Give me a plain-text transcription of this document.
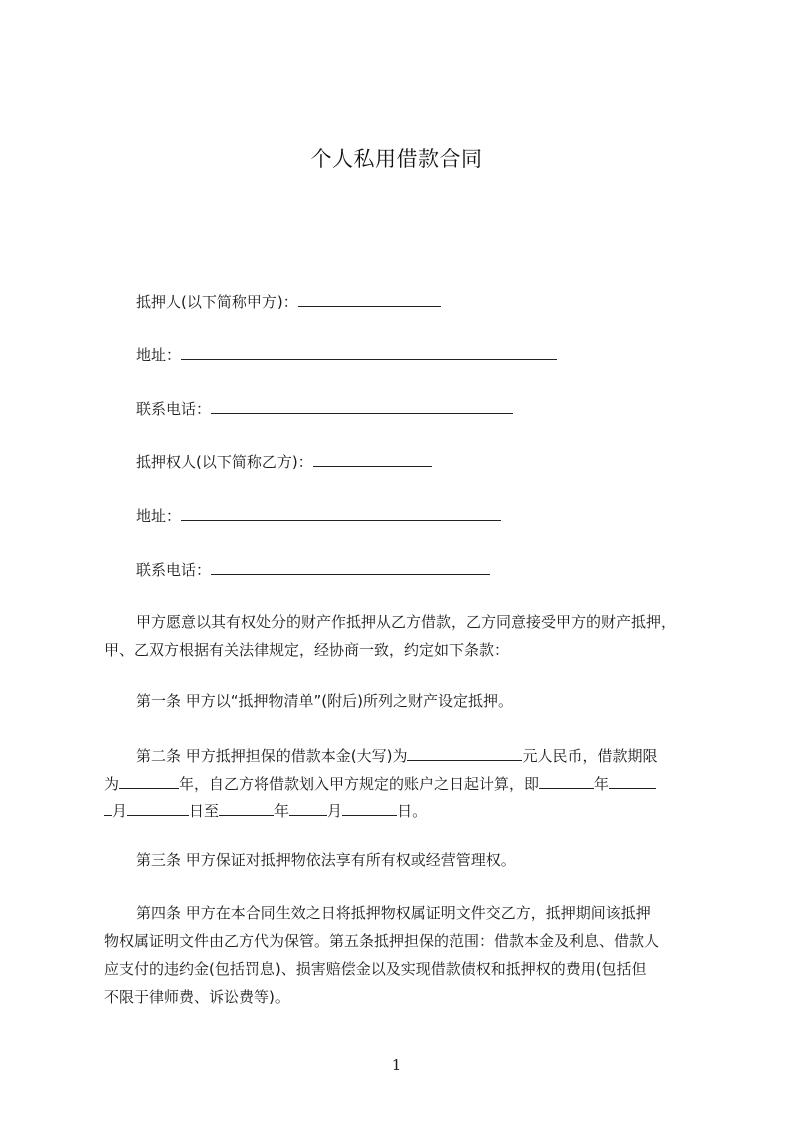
个人私用借款合同
抵押人(以下简称甲方)：
地址：
联系电话：
抵押权人(以下简称乙方)：
地址：
联系电话：
甲方愿意以其有权处分的财产作抵押从乙方借款，乙方同意接受甲方的财产抵押，
甲、乙双方根据有关法律规定，经协商一致，约定如下条款：
第一条 甲方以“抵押物清单”(附后)所列之财产设定抵押。
第二条 甲方抵押担保的借款本金(大写)为	元人民币，借款期限
为	年，自乙方将借款划入甲方规定的账户之日起计算，即	年
月	日至	年	月	日。
第三条 甲方保证对抵押物依法享有所有权或经营管理权。
第四条 甲方在本合同生效之日将抵押物权属证明文件交乙方，抵押期间该抵押
物权属证明文件由乙方代为保管。第五条抵押担保的范围：借款本金及利息、借款人
应支付的违约金(包括罚息)、损害赔偿金以及实现借款债权和抵押权的费用(包括但
不限于律师费、诉讼费等)。
1
